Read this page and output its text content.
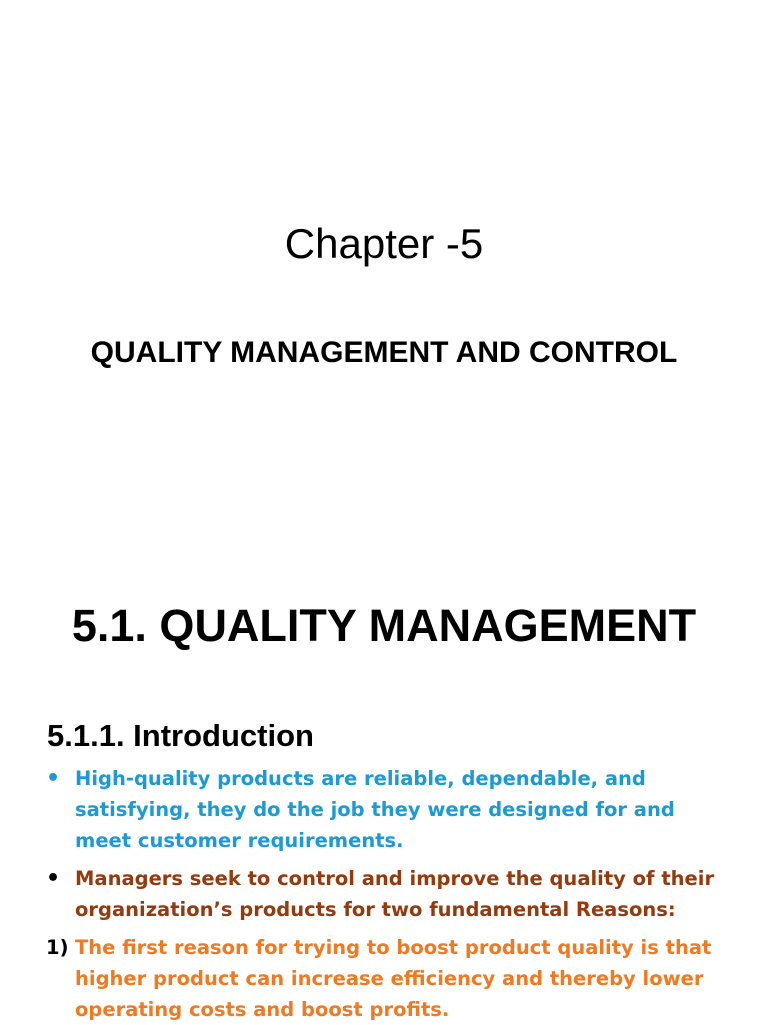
Chapter -5
QUALITY MANAGEMENT AND CONTROL
5.1. QUALITY MANAGEMENT
5.1.1. Introduction
• High-quality products are reliable, dependable, and satisfying, they do the job they were designed for and meet customer requirements.
• Managers seek to control and improve the quality of their organization’s products for two fundamental Reasons:
1) The first reason for trying to boost product quality is that higher product can increase efficiency and thereby lower operating costs and boost profits.
